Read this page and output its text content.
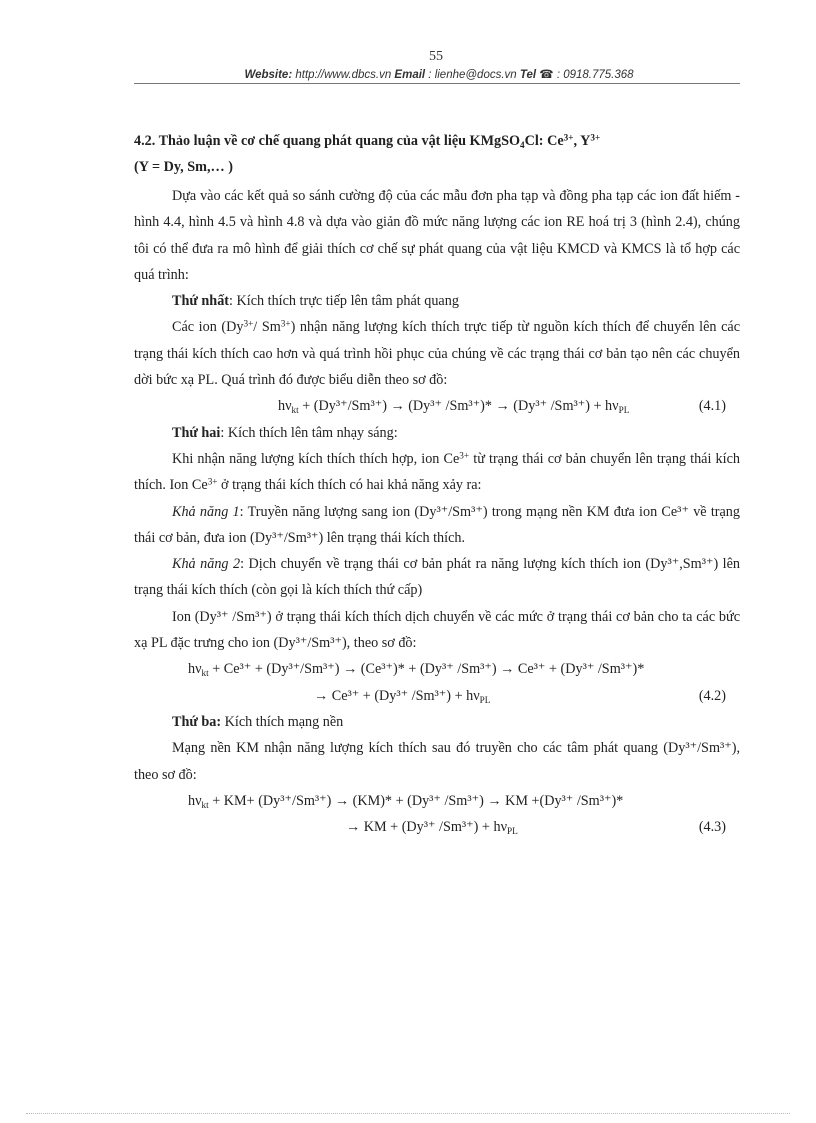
55
Website: http://www.dbcs.vn Email : lienhe@docs.vn Tel ☎ : 0918.775.368
4.2. Thảo luận về cơ chế quang phát quang của vật liệu KMgSO$_4$Cl: $Ce^{3+}$, $Y^{3+}$
(Y = Dy, Sm,… )

Dựa vào các kết quả so sánh cường độ của các mẫu đơn pha tạp và đồng pha tạp các ion đất hiếm - hình 4.4, hình 4.5 và hình 4.8 và dựa vào giản đồ mức năng lượng các ion RE hoá trị 3 (hình 2.4), chúng tôi có thể đưa ra mô hình để giải thích cơ chế sự phát quang của vật liệu KMCD và KMCS là tổ hợp các quá trình:

Thứ nhất: Kích thích trực tiếp lên tâm phát quang

Các ion ($Dy^{3+}/$ $Sm^{3+}$) nhận năng lượng kích thích trực tiếp từ nguồn kích thích để chuyển lên các trạng thái kích thích cao hơn và quá trình hồi phục của chúng về các trạng thái cơ bản tạo nên các chuyển dời bức xạ PL. Quá trình đó được biểu diễn theo sơ đồ:

$h\nu_{kt} + (Dy^{3+}/Sm^{3+}) \to (Dy^{3+}$ /Sm³⁺)* → (Dy³⁺ $/Sm^{3+}) + h\nu_{PL}$	(4.1)

Thứ hai: Kích thích lên tâm nhạy sáng:

Khi nhận năng lượng kích thích thích hợp, ion $Ce^{3+}$ từ trạng thái cơ bản chuyển lên trạng thái kích thích. Ion $Ce^{3+}$ ở trạng thái kích thích có hai khả năng xảy ra:

Khả năng 1: Truyền năng lượng sang ion (Dy³⁺/Sm³⁺) trong mạng nền KM đưa ion Ce³⁺ về trạng thái cơ bản, đưa ion (Dy³⁺/Sm³⁺) lên trạng thái kích thích.

Khả năng 2: Dịch chuyển về trạng thái cơ bản phát ra năng lượng kích thích ion (Dy³⁺,Sm³⁺) lên trạng thái kích thích (còn gọi là kích thích thứ cấp)

Ion (Dy³⁺ /Sm³⁺) ở trạng thái kích thích dịch chuyển về các mức ở trạng thái cơ bản cho ta các bức xạ PL đặc trưng cho ion (Dy³⁺/Sm³⁺), theo sơ đồ:

$h\nu_{kt} + Ce^{3+} + (Dy^{3+}/Sm^{3+}) \to (Ce^{3+})* + (Dy^{3+}$ /Sm³⁺) → Ce³⁺ + (Dy³⁺ /Sm³⁺)*
→ Ce³⁺ + (Dy³⁺ $/Sm^{3+}) + h\nu_{PL}$	(4.2)

Thứ ba: Kích thích mạng nền

Mạng nền KM nhận năng lượng kích thích sau đó truyền cho các tâm phát quang (Dy³⁺/Sm³⁺), theo sơ đồ:

$h\nu_{kt} + KM+ (Dy^{3+}/Sm^{3+}) \to (KM)* + (Dy^{3+}$ /Sm³⁺) → KM +(Dy³⁺ /Sm³⁺)*
→ KM + (Dy³⁺ $/Sm^{3+}) + h\nu_{PL}$	(4.3)
